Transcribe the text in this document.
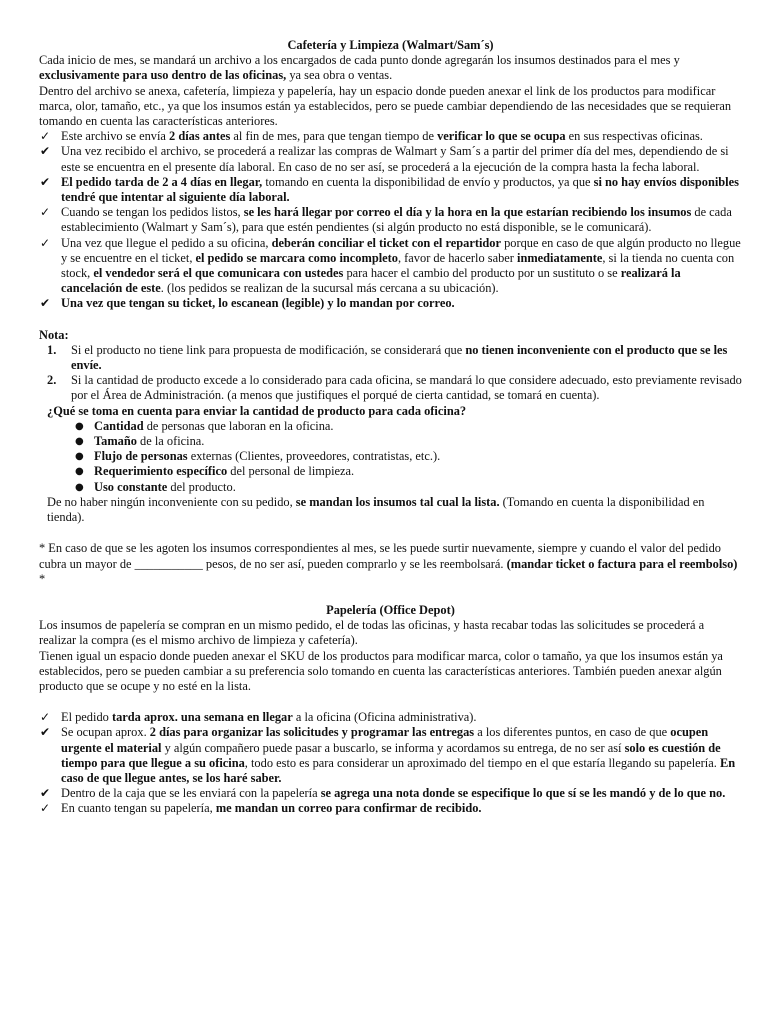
Cafetería y Limpieza (Walmart/Sam´s)

Cada inicio de mes, se mandará un archivo a los encargados de cada punto donde agregarán los insumos destinados para el mes y exclusivamente para uso dentro de las oficinas, ya sea obra o ventas.

Dentro del archivo se anexa, cafetería, limpieza y papelería, hay un espacio donde pueden anexar el link de los productos para modificar marca, olor, tamaño, etc., ya que los insumos están ya establecidos, pero se puede cambiar dependiendo de las necesidades que se requieran tomando en cuenta las características anteriores.

✓ Este archivo se envía 2 días antes al fin de mes, para que tengan tiempo de verificar lo que se ocupa en sus respectivas oficinas.
✔ Una vez recibido el archivo, se procederá a realizar las compras de Walmart y Sam´s a partir del primer día del mes, dependiendo de si este se encuentra en el presente día laboral. En caso de no ser así, se procederá a la ejecución de la compra hasta la fecha laboral.
✔ El pedido tarda de 2 a 4 días en llegar, tomando en cuenta la disponibilidad de envío y productos, ya que si no hay envíos disponibles tendré que intentar al siguiente día laboral.
✓ Cuando se tengan los pedidos listos, se les hará llegar por correo el día y la hora en la que estarían recibiendo los insumos de cada establecimiento (Walmart y Sam´s), para que estén pendientes (si algún producto no está disponible, se le comunicará).
✓ Una vez que llegue el pedido a su oficina, deberán conciliar el ticket con el repartidor porque en caso de que algún producto no llegue y se encuentre en el ticket, el pedido se marcara como incompleto, favor de hacerlo saber inmediatamente, si la tienda no cuenta con stock, el vendedor será el que comunicara con ustedes para hacer el cambio del producto por un sustituto o se realizará la cancelación de este. (los pedidos se realizan de la sucursal más cercana a su ubicación).
✔ Una vez que tengan su ticket, lo escanean (legible) y lo mandan por correo.

Nota:

1. Si el producto no tiene link para propuesta de modificación, se considerará que no tienen inconveniente con el producto que se les envíe.
2. Si la cantidad de producto excede a lo considerado para cada oficina, se mandará lo que considere adecuado, esto previamente revisado por el Área de Administración. (a menos que justifiques el porqué de cierta cantidad, se tomará en cuenta).

¿Qué se toma en cuenta para enviar la cantidad de producto para cada oficina?

● Cantidad de personas que laboran en la oficina.
● Tamaño de la oficina.
● Flujo de personas externas (Clientes, proveedores, contratistas, etc.).
● Requerimiento específico del personal de limpieza.
● Uso constante del producto.

De no haber ningún inconveniente con su pedido, se mandan los insumos tal cual la lista. (Tomando en cuenta la disponibilidad en tienda).

* En caso de que se les agoten los insumos correspondientes al mes, se les puede surtir nuevamente, siempre y cuando el valor del pedido cubra un mayor de ___________ pesos, de no ser así, pueden comprarlo y se les reembolsará. (mandar ticket o factura para el reembolso) *

Papelería (Office Depot)

Los insumos de papelería se compran en un mismo pedido, el de todas las oficinas, y hasta recabar todas las solicitudes se procederá a realizar la compra (es el mismo archivo de limpieza y cafetería).

Tienen igual un espacio donde pueden anexar el SKU de los productos para modificar marca, color o tamaño, ya que los insumos están ya establecidos, pero se pueden cambiar a su preferencia solo tomando en cuenta las características anteriores. También pueden anexar algún producto que se ocupe y no esté en la lista.

✓ El pedido tarda aprox. una semana en llegar a la oficina (Oficina administrativa).
✔ Se ocupan aprox. 2 días para organizar las solicitudes y programar las entregas a los diferentes puntos, en caso de que ocupen urgente el material y algún compañero puede pasar a buscarlo, se informa y acordamos su entrega, de no ser así solo es cuestión de tiempo para que llegue a su oficina, todo esto es para considerar un aproximado del tiempo en el que estaría llegando su papelería. En caso de que llegue antes, se los haré saber.
✔ Dentro de la caja que se les enviará con la papelería se agrega una nota donde se especifique lo que sí se les mandó y de lo que no.
✓ En cuanto tengan su papelería, me mandan un correo para confirmar de recibido.
